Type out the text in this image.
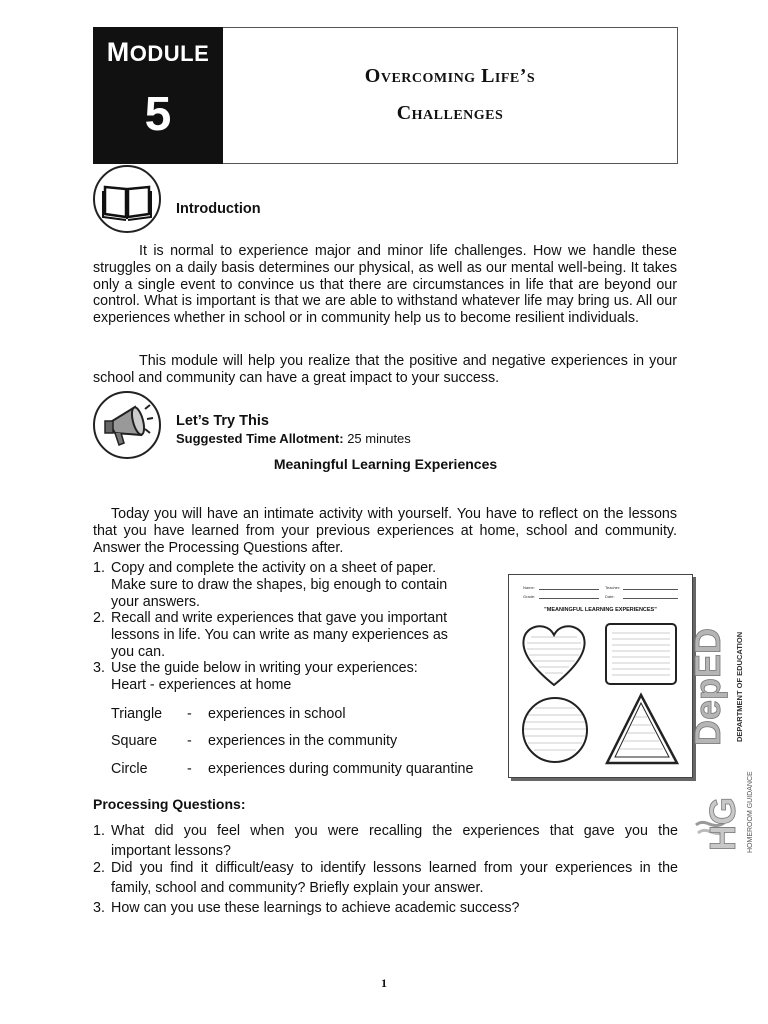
MODULE
5
Overcoming Life’s
Challenges
Introduction
It is normal to experience major and minor life challenges. How we handle these struggles on a daily basis determines our physical, as well as our mental well-being. It takes only a single event to convince us that there are circumstances in life that are beyond our control. What is important is that we are able to withstand whatever life may bring us. All our experiences whether in school or in community help us to become resilient individuals.
This module will help you realize that the positive and negative experiences in your school and community can have a great impact to your success.
Let’s Try This
Suggested Time Allotment: 25 minutes
Meaningful Learning Experiences
Today you will have an intimate activity with yourself. You have to reflect on the lessons that you have learned from your previous experiences at home, school and community. Answer the Processing Questions after.
1. Copy and complete the activity on a sheet of paper.
Make sure to draw the shapes, big enough to contain
your answers.
2. Recall and write experiences that gave you important
lessons in life. You can write as many experiences as
you can.
3. Use the guide below in writing your experiences:
Heart - experiences at home
Triangle - experiences in school
Square - experiences in the community
Circle	- experiences during community quarantine
Name:	Teacher:
Grade:	Date:
"MEANINGFUL LEARNING EXPERIENCES"
DepED DEPARTMENT OF EDUCATION
HG HOMEROOM GUIDANCE
Processing Questions:
1. What did you feel when you were recalling the experiences that gave you the
important lessons?
2. Did you find it difficult/easy to identify lessons learned from your experiences in the
family, school and community? Briefly explain your answer.
3. How can you use these learnings to achieve academic success?
1
